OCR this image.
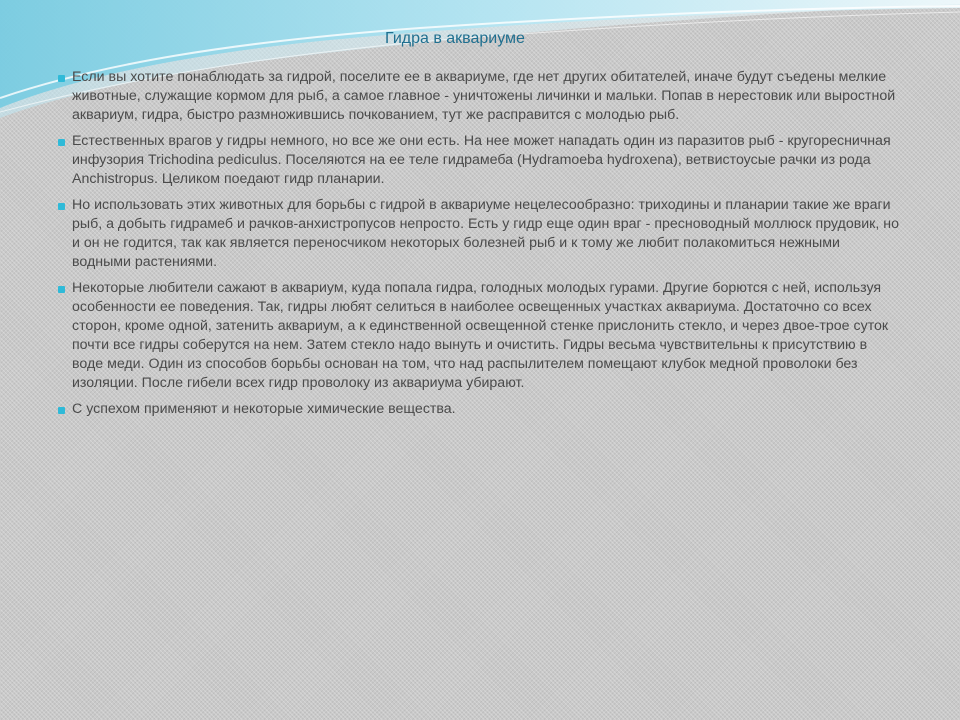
Гидра в аквариуме

Если вы хотите понаблюдать за гидрой, поселите ее в аквариуме, где нет других обитателей, иначе будут съедены мелкие животные, служащие кормом для рыб, а самое главное - уничтожены личинки и мальки. Попав в нерестовик или выростной аквариум, гидра, быстро размножившись почкованием, тут же расправится с молодью рыб.

Естественных врагов у гидры немного, но все же они есть. На нее может нападать один из паразитов рыб - кругоресничная инфузория Trichodina pediculus. Поселяются на ее теле гидрамеба (Hydramoeba hydroxena), ветвистоусые рачки из рода Anchistropus. Целиком поедают гидр планарии.

Но использовать этих животных для борьбы с гидрой в аквариуме нецелесообразно: триходины и планарии такие же враги рыб, а добыть гидрамеб и рачков-анхистропусов непросто. Есть у гидр еще один враг - пресноводный моллюск прудовик, но и он не годится, так как является переносчиком некоторых болезней рыб и к тому же любит полакомиться нежными водными растениями.

Некоторые любители сажают в аквариум, куда попала гидра, голодных молодых гурами. Другие борются с ней, используя особенности ее поведения. Так, гидры любят селиться в наиболее освещенных участках аквариума. Достаточно со всех сторон, кроме одной, затенить аквариум, а к единственной освещенной стенке прислонить стекло, и через двое-трое суток почти все гидры соберутся на нем. Затем стекло надо вынуть и очистить. Гидры весьма чувствительны к присутствию в воде меди. Один из способов борьбы основан на том, что над распылителем помещают клубок медной проволоки без изоляции. После гибели всех гидр проволоку из аквариума убирают.

С успехом применяют и некоторые химические вещества.
